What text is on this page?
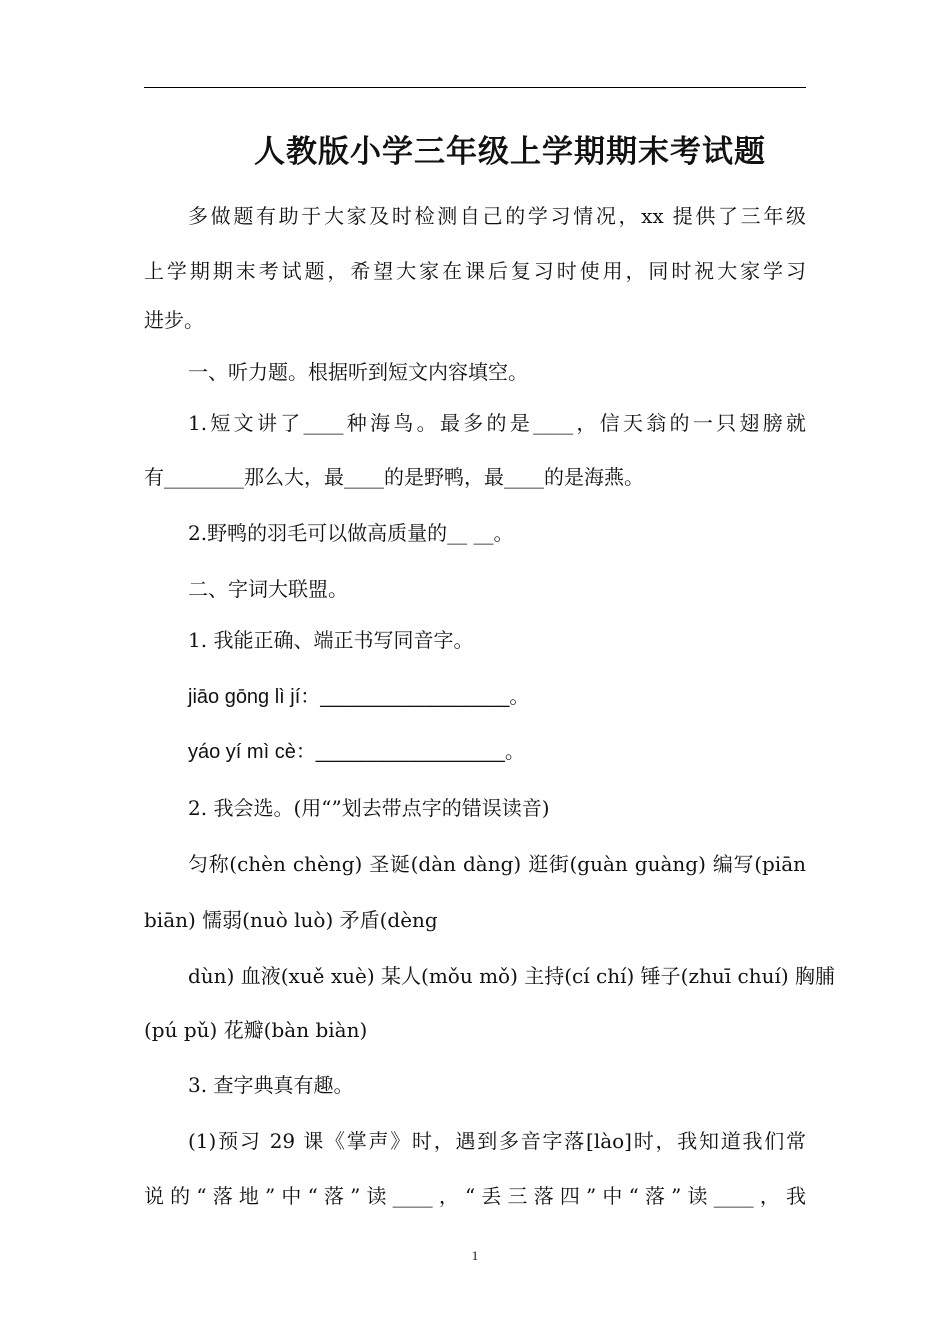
人教版小学三年级上学期期末考试题
多做题有助于大家及时检测自己的学习情况，xx 提供了三年级
上学期期末考试题，希望大家在课后复习时使用，同时祝大家学习
进步。
一、听力题。根据听到短文内容填空。
1.短文讲了____种海鸟。最多的是____，信天翁的一只翅膀就
有________那么大，最____的是野鸭，最____的是海燕。
2.野鸭的羽毛可以做高质量的__ __。
二、字词大联盟。
1. 我能正确、端正书写同音字。
jiāo gōng lì jí：_________________。
yáo yí mì cè：_________________。
2. 我会选。(用“”划去带点字的错误读音)
匀称(chèn chèng) 圣诞(dàn dàng) 逛街(guàn guàng) 编写(piān
biān) 懦弱(nuò luò) 矛盾(dèng
dùn) 血液(xuě xuè) 某人(mǒu mǒ) 主持(cí chí) 锤子(zhuī chuí) 胸脯
(pú pǔ) 花瓣(bàn biàn)
3. 查字典真有趣。
(1)预习 29 课《掌声》时，遇到多音字落[lào]时，我知道我们常
说的“落地”中“落”读____，“丢三落四”中“落”读____，我
1
